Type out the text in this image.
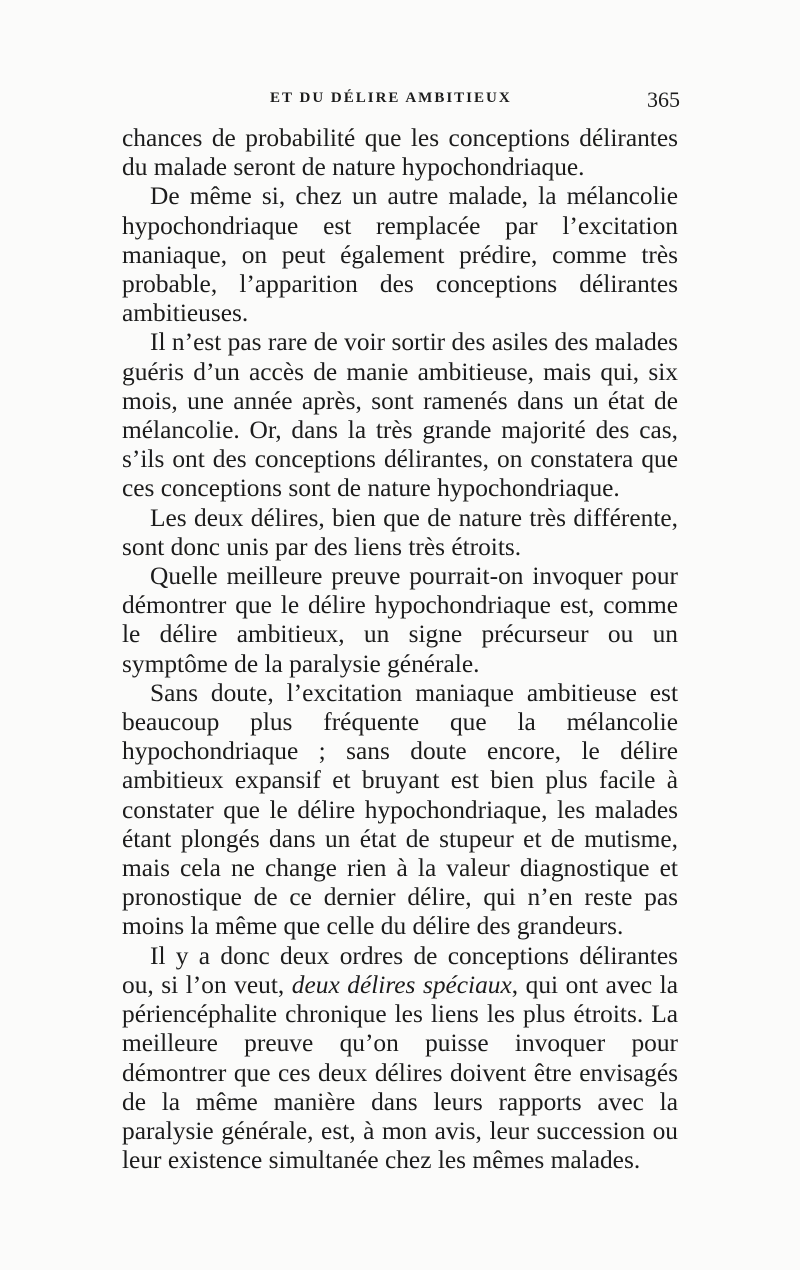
ET DU DÉLIRE AMBITIEUX	365

chances de probabilité que les conceptions délirantes du malade seront de nature hypochondriaque.

De même si, chez un autre malade, la mélancolie hypochondriaque est remplacée par l’excitation maniaque, on peut également prédire, comme très probable, l’apparition des conceptions délirantes ambitieuses.

Il n’est pas rare de voir sortir des asiles des malades guéris d’un accès de manie ambitieuse, mais qui, six mois, une année après, sont ramenés dans un état de mélancolie. Or, dans la très grande majorité des cas, s’ils ont des conceptions délirantes, on constatera que ces conceptions sont de nature hypochondriaque.

Les deux délires, bien que de nature très différente, sont donc unis par des liens très étroits.

Quelle meilleure preuve pourrait-on invoquer pour démontrer que le délire hypochondriaque est, comme le délire ambitieux, un signe précurseur ou un symptôme de la paralysie générale.

Sans doute, l’excitation maniaque ambitieuse est beaucoup plus fréquente que la mélancolie hypochondriaque ; sans doute encore, le délire ambitieux expansif et bruyant est bien plus facile à constater que le délire hypochondriaque, les malades étant plongés dans un état de stupeur et de mutisme, mais cela ne change rien à la valeur diagnostique et pronostique de ce dernier délire, qui n’en reste pas moins la même que celle du délire des grandeurs.

Il y a donc deux ordres de conceptions délirantes ou, si l’on veut, deux délires spéciaux, qui ont avec la périencéphalite chronique les liens les plus étroits. La meilleure preuve qu’on puisse invoquer pour démontrer que ces deux délires doivent être envisagés de la même manière dans leurs rapports avec la paralysie générale, est, à mon avis, leur succession ou leur existence simultanée chez les mêmes malades.
